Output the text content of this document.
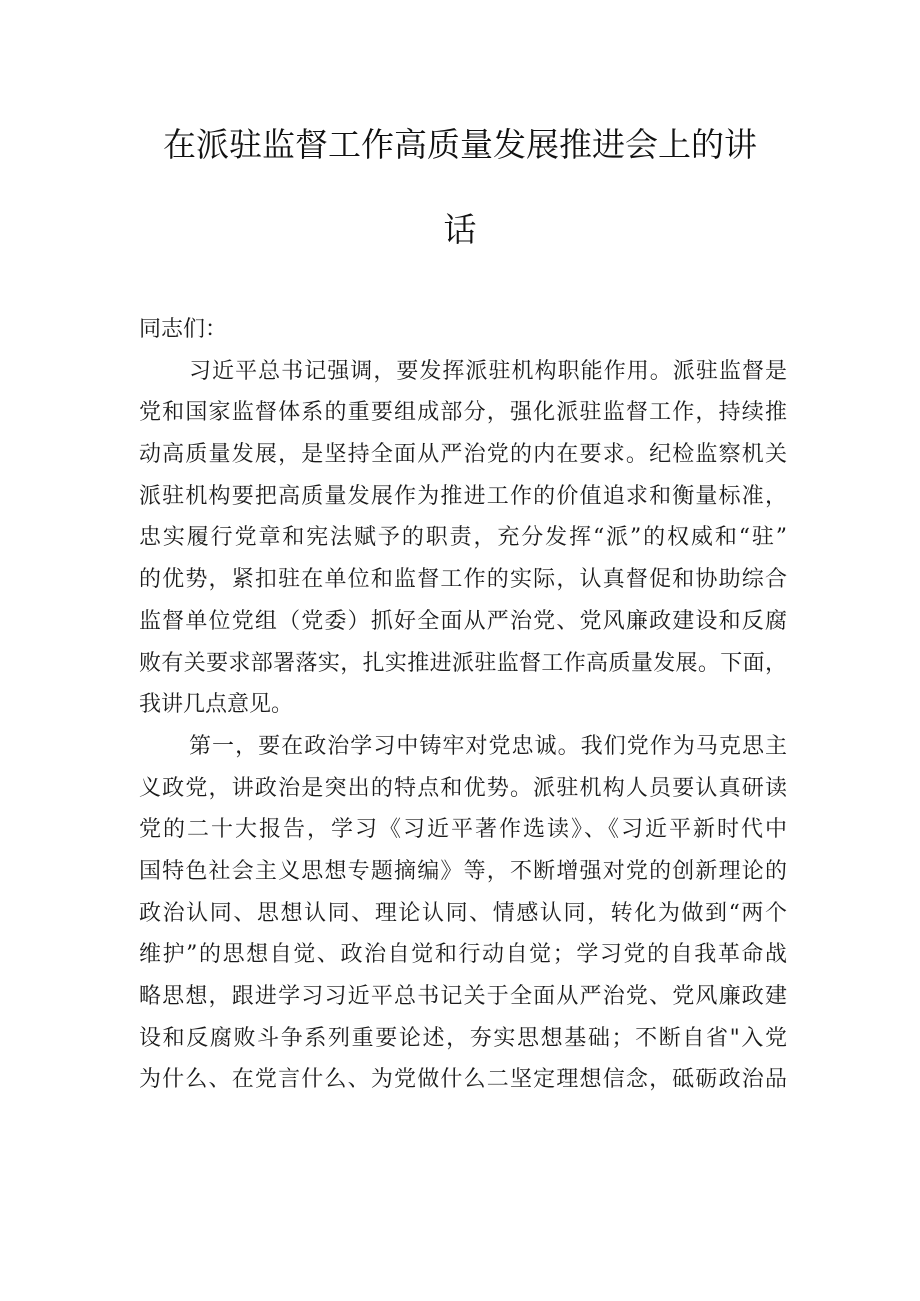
在派驻监督工作高质量发展推进会上的讲
话
同志们：
习近平总书记强调，要发挥派驻机构职能作用。派驻监督是
党和国家监督体系的重要组成部分，强化派驻监督工作，持续推
动高质量发展，是坚持全面从严治党的内在要求。纪检监察机关
派驻机构要把高质量发展作为推进工作的价值追求和衡量标准，
忠实履行党章和宪法赋予的职责，充分发挥“派”的权威和“驻”
的优势，紧扣驻在单位和监督工作的实际，认真督促和协助综合
监督单位党组（党委）抓好全面从严治党、党风廉政建设和反腐
败有关要求部署落实，扎实推进派驻监督工作高质量发展。下面，
我讲几点意见。
第一，要在政治学习中铸牢对党忠诚。我们党作为马克思主
义政党，讲政治是突出的特点和优势。派驻机构人员要认真研读
党的二十大报告，学习《习近平著作选读》、《习近平新时代中
国特色社会主义思想专题摘编》等，不断增强对党的创新理论的
政治认同、思想认同、理论认同、情感认同，转化为做到“两个
维护”的思想自觉、政治自觉和行动自觉；学习党的自我革命战
略思想，跟进学习习近平总书记关于全面从严治党、党风廉政建
设和反腐败斗争系列重要论述，夯实思想基础；不断自省"入党
为什么、在党言什么、为党做什么二坚定理想信念，砥砺政治品
